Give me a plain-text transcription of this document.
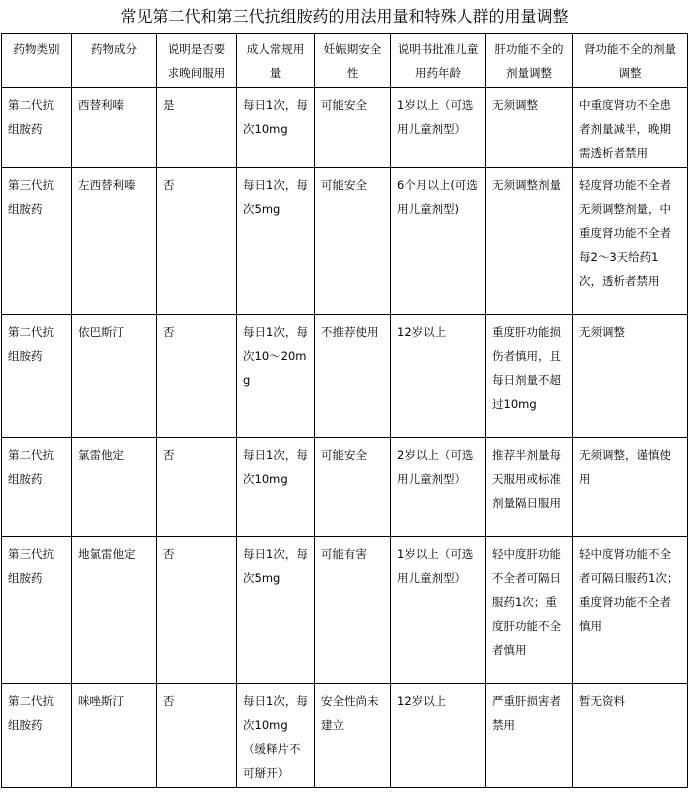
常见第二代和第三代抗组胺药的用法用量和特殊人群的用量调整
药物类别	药物成分	说明是否要求晚间服用	成人常规用量	妊娠期安全性	说明书批准儿童用药年龄	肝功能不全的剂量调整	肾功能不全的剂量调整
第二代抗组胺药	西替利嗪	是	每日1次，每次10mg	可能安全	1岁以上（可选用儿童剂型）	无须调整	中重度肾功不全患者剂量减半，晚期需透析者禁用
第三代抗组胺药	左西替利嗪	否	每日1次，每次5mg	可能安全	6个月以上(可选用儿童剂型)	无须调整剂量	轻度肾功能不全者无须调整剂量，中重度肾功能不全者每2～3天给药1次，透析者禁用
第二代抗组胺药	依巴斯汀	否	每日1次，每次10～20mg	不推荐使用	12岁以上	重度肝功能损伤者慎用，且每日剂量不超过10mg	无须调整
第二代抗组胺药	氯雷他定	否	每日1次，每次10mg	可能安全	2岁以上（可选用儿童剂型）	推荐半剂量每天服用或标准剂量隔日服用	无须调整，谨慎使用
第三代抗组胺药	地氯雷他定	否	每日1次，每次5mg	可能有害	1岁以上（可选用儿童剂型）	轻中度肝功能不全者可隔日服药1次；重度肝功能不全者慎用	轻中度肾功能不全者可隔日服药1次；重度肾功能不全者慎用
第二代抗组胺药	咪唑斯汀	否	每日1次，每次10mg（缓释片不可掰开）	安全性尚未建立	12岁以上	严重肝损害者禁用	暂无资料
